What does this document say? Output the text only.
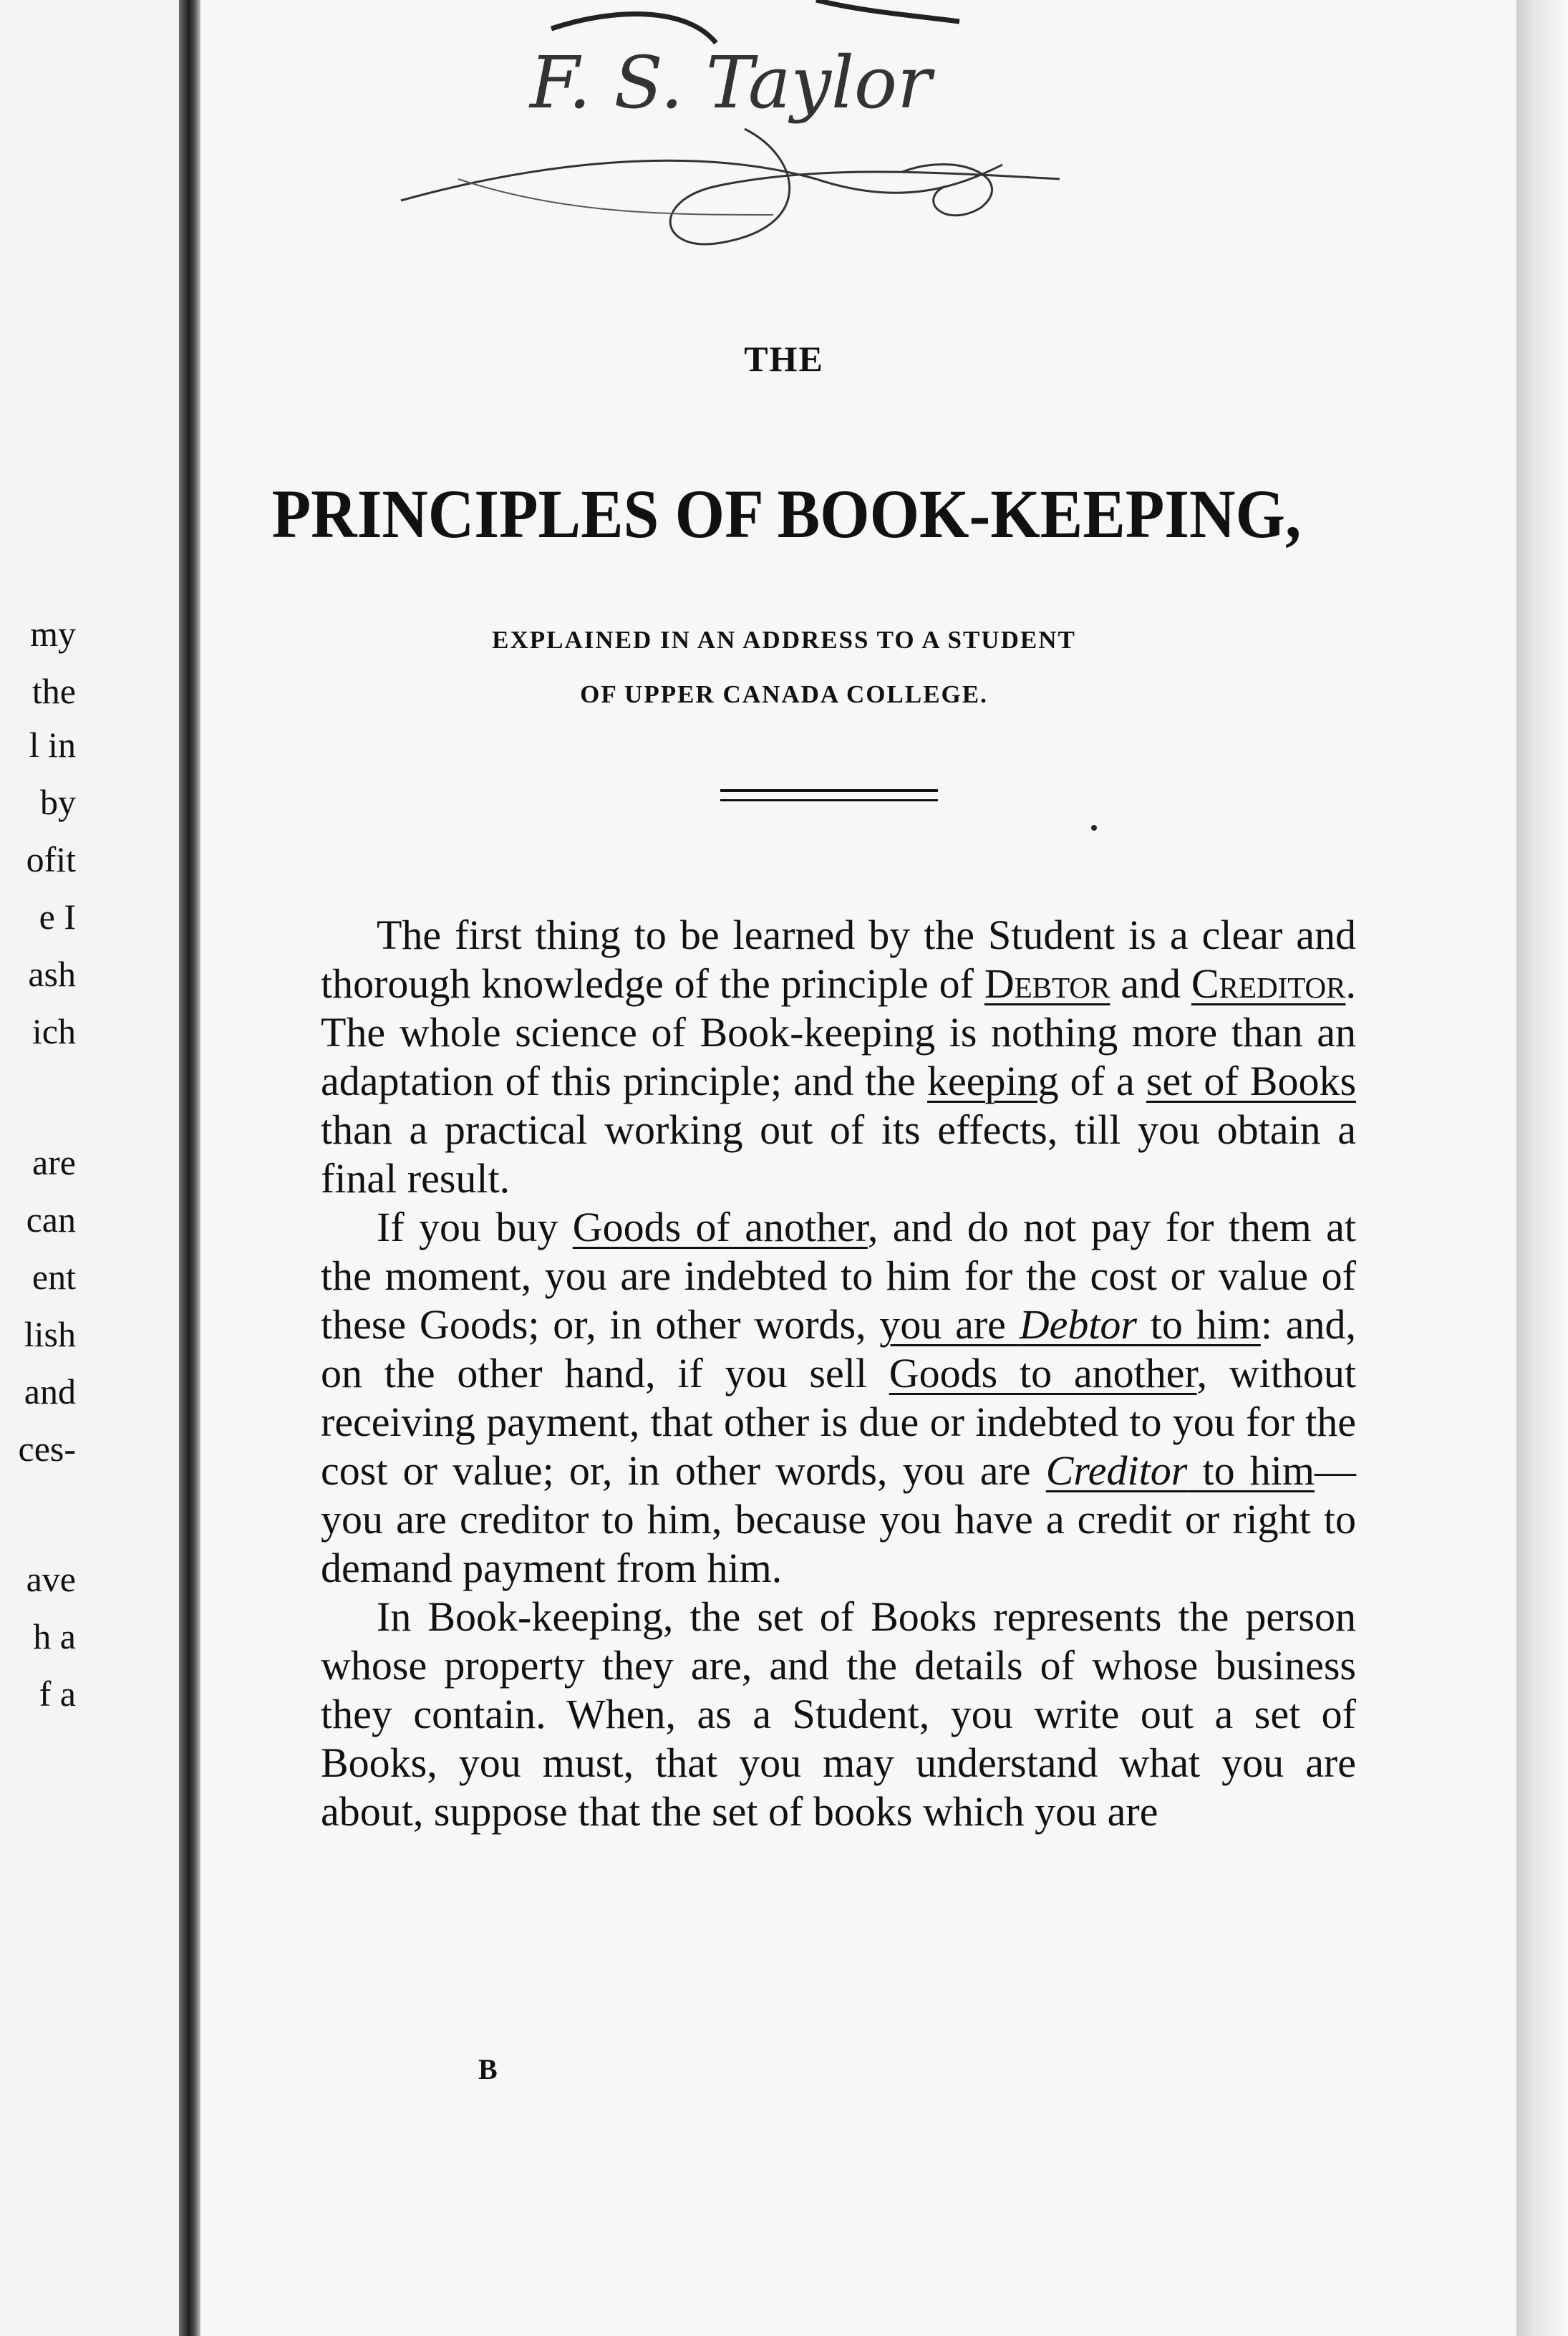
my
the
l in
by
ofit
e I
ash
ich
are
can
ent
lish
and
ces-
ave
h a
f a
F. S. Taylor
THE
PRINCIPLES OF BOOK-KEEPING,
EXPLAINED IN AN ADDRESS TO A STUDENT
OF UPPER CANADA COLLEGE.

The first thing to be learned by the Student is a clear and thorough knowledge of the principle of Debtor and Creditor. The whole science of Book-keeping is nothing more than an adaptation of this principle; and the keeping of a set of Books than a practical working out of its effects, till you obtain a final result.

If you buy Goods of another, and do not pay for them at the moment, you are indebted to him for the cost or value of these Goods; or, in other words, you are Debtor to him: and, on the other hand, if you sell Goods to another, without receiving payment, that other is due or indebted to you for the cost or value; or, in other words, you are Creditor to him—you are creditor to him, because you have a credit or right to demand payment from him.

In Book-keeping, the set of Books represents the person whose property they are, and the details of whose business they contain. When, as a Student, you write out a set of Books, you must, that you may understand what you are about, suppose that the set of books which you are

B
